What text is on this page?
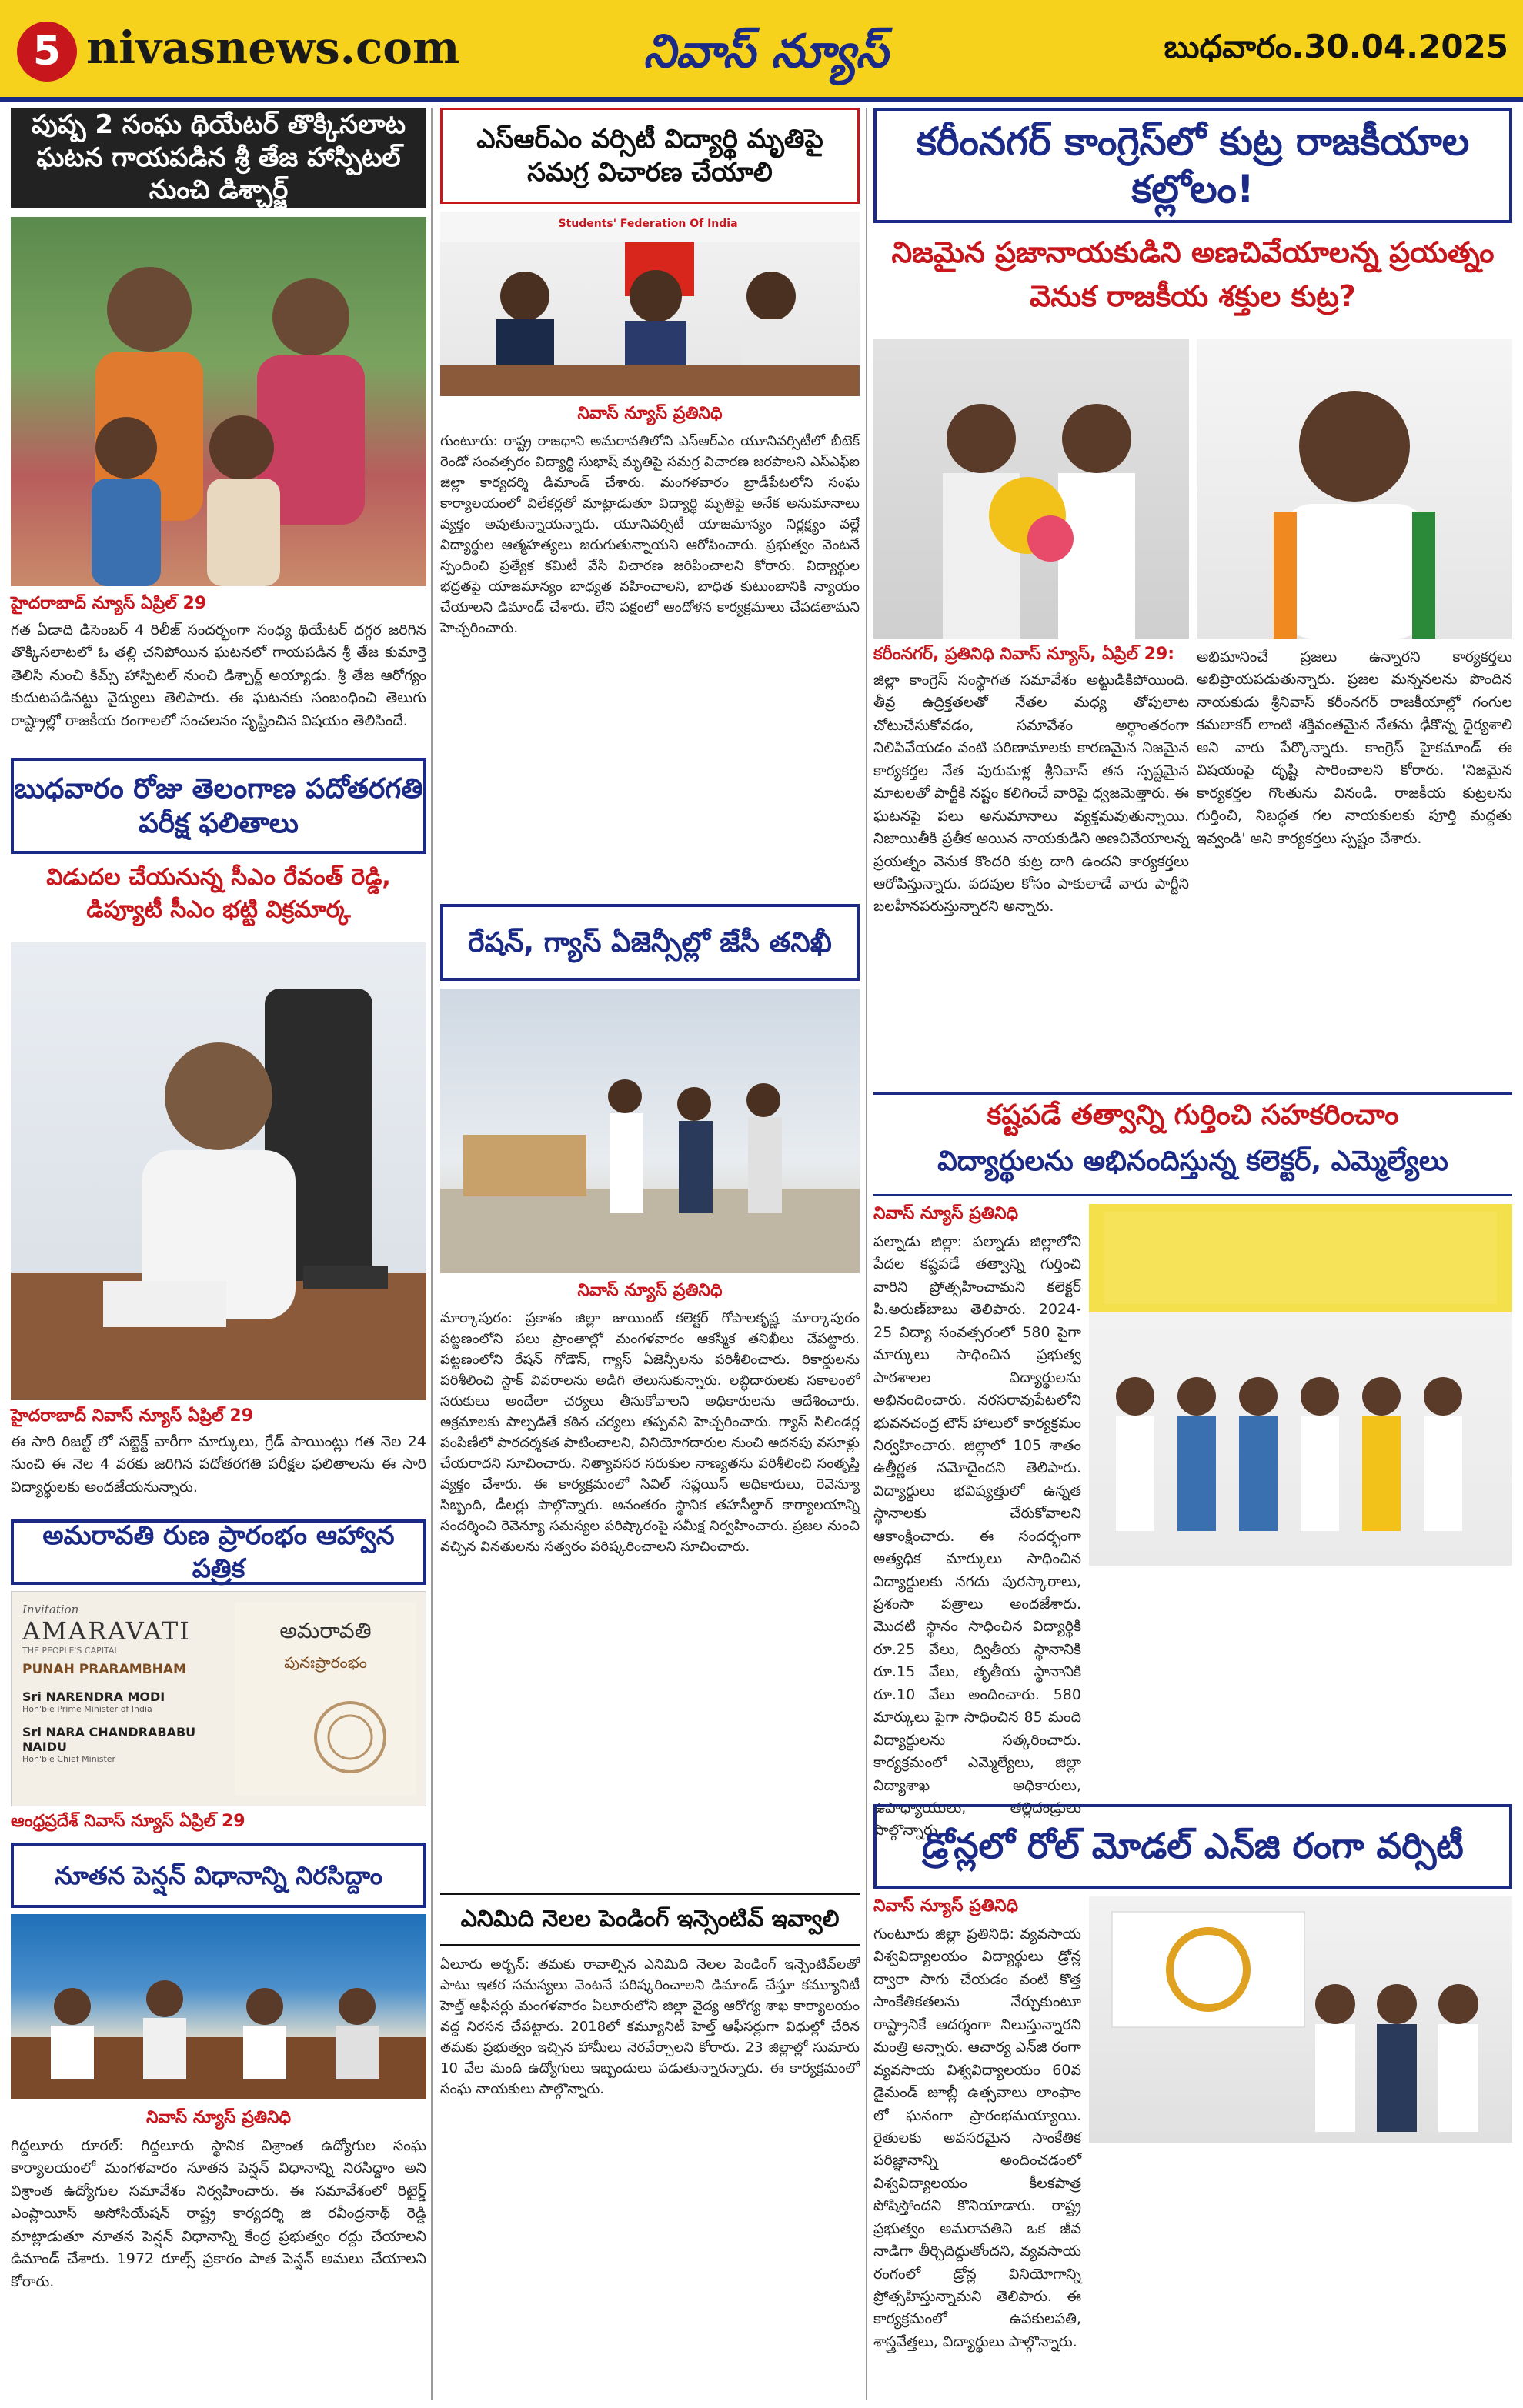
5 nivasnews.com	నివాస్ న్యూస్	బుధవారం.30.04.2025
పుష్ప 2 సంఘ థియేటర్ తొక్కిసలాట ఘటన గాయపడిన శ్రీ తేజ హాస్పిటల్ నుంచి డిశ్చార్జ్
హైదరాబాద్ న్యూస్ ఏప్రిల్ 29
గత ఏడాది డిసెంబర్ 4 రిలీజ్ సందర్భంగా సంధ్య థియేటర్ దగ్గర జరిగిన తొక్కిసలాటలో ఓ తల్లి చనిపోయిన ఘటనలో గాయపడిన శ్రీ తేజ కుమార్తె తెలిసి నుంచి కిమ్స్ హాస్పిటల్ నుంచి డిశ్చార్జ్ అయ్యాడు. శ్రీ తేజ ఆరోగ్యం కుదుటపడినట్టు వైద్యులు తెలిపారు. ఈ ఘటనకు సంబంధించి తెలుగు రాష్ట్రాల్లో రాజకీయ రంగాలలో సంచలనం సృష్టించిన విషయం తెలిసిందే.
బుధవారం రోజు తెలంగాణ పదోతరగతి పరీక్ష ఫలితాలు
విడుదల చేయనున్న సీఎం రేవంత్ రెడ్డి, డిప్యూటీ సీఎం భట్టి విక్రమార్క
హైదరాబాద్ నివాస్ న్యూస్ ఏప్రిల్ 29
ఈ సారి రిజల్ట్ లో సబ్జెక్ట్ వారీగా మార్కులు, గ్రేడ్ పాయింట్లు గత నెల 24 నుంచి ఈ నెల 4 వరకు జరిగిన పదోతరగతి పరీక్షల ఫలితాలను ఈ సారి విద్యార్థులకు అందజేయనున్నారు.
అమరావతి రుణ ప్రారంభం ఆహ్వాన పత్రిక
Invitation
AMARAVATI
THE PEOPLE'S CAPITAL
PUNAH PRARAMBHAM
Sri NARENDRA MODI
Hon'ble Prime Minister of India
Sri NARA CHANDRABABU NAIDU
Hon'ble Chief Minister
అమరావతి
పునఃప్రారంభం
ఆంధ్రప్రదేశ్ నివాస్ న్యూస్ ఏప్రిల్ 29
నూతన పెన్షన్ విధానాన్ని నిరసిద్దాం
నివాస్ న్యూస్ ప్రతినిధి
గిద్దలూరు రూరల్: గిద్దలూరు స్థానిక విశ్రాంత ఉద్యోగుల సంఘ కార్యాలయంలో మంగళవారం నూతన పెన్షన్ విధానాన్ని నిరసిద్దాం అని విశ్రాంత ఉద్యోగుల సమావేశం నిర్వహించారు. ఈ సమావేశంలో రిటైర్డ్ ఎంప్లాయీస్ అసోసియేషన్ రాష్ట్ర కార్యదర్శి జి రవీంద్రనాథ్ రెడ్డి మాట్లాడుతూ నూతన పెన్షన్ విధానాన్ని కేంద్ర ప్రభుత్వం రద్దు చేయాలని డిమాండ్ చేశారు. 1972 రూల్స్ ప్రకారం పాత పెన్షన్ అమలు చేయాలని కోరారు.
ఎస్ఆర్ఎం వర్సిటీ విద్యార్థి మృతిపై సమగ్ర విచారణ చేయాలి
Students' Federation Of India
నివాస్ న్యూస్ ప్రతినిధి
గుంటూరు: రాష్ట్ర రాజధాని అమరావతిలోని ఎస్ఆర్ఎం యూనివర్సిటీలో బీటెక్ రెండో సంవత్సరం విద్యార్థి సుభాష్ మృతిపై సమగ్ర విచారణ జరపాలని ఎస్ఎఫ్ఐ జిల్లా కార్యదర్శి డిమాండ్ చేశారు. మంగళవారం బ్రాడీపేటలోని సంఘ కార్యాలయంలో విలేకర్లతో మాట్లాడుతూ విద్యార్థి మృతిపై అనేక అనుమానాలు వ్యక్తం అవుతున్నాయన్నారు. యూనివర్సిటీ యాజమాన్యం నిర్లక్ష్యం వల్లే విద్యార్థుల ఆత్మహత్యలు జరుగుతున్నాయని ఆరోపించారు. ప్రభుత్వం వెంటనే స్పందించి ప్రత్యేక కమిటీ వేసి విచారణ జరిపించాలని కోరారు. విద్యార్థుల భద్రతపై యాజమాన్యం బాధ్యత వహించాలని, బాధిత కుటుంబానికి న్యాయం చేయాలని డిమాండ్ చేశారు. లేని పక్షంలో ఆందోళన కార్యక్రమాలు చేపడతామని హెచ్చరించారు.
రేషన్, గ్యాస్ ఏజెన్సీల్లో జేసీ తనిఖీ
నివాస్ న్యూస్ ప్రతినిధి
మార్కాపురం: ప్రకాశం జిల్లా జాయింట్ కలెక్టర్ గోపాలకృష్ణ మార్కాపురం పట్టణంలోని పలు ప్రాంతాల్లో మంగళవారం ఆకస్మిక తనిఖీలు చేపట్టారు. పట్టణంలోని రేషన్ గోడౌన్, గ్యాస్ ఏజెన్సీలను పరిశీలించారు. రికార్డులను పరిశీలించి స్టాక్ వివరాలను అడిగి తెలుసుకున్నారు. లబ్ధిదారులకు సకాలంలో సరుకులు అందేలా చర్యలు తీసుకోవాలని అధికారులను ఆదేశించారు. అక్రమాలకు పాల్పడితే కఠిన చర్యలు తప్పవని హెచ్చరించారు. గ్యాస్ సిలిండర్ల పంపిణీలో పారదర్శకత పాటించాలని, వినియోగదారుల నుంచి అదనపు వసూళ్లు చేయరాదని సూచించారు. నిత్యావసర సరుకుల నాణ్యతను పరిశీలించి సంతృప్తి వ్యక్తం చేశారు. ఈ కార్యక్రమంలో సివిల్ సప్లయిస్ అధికారులు, రెవెన్యూ సిబ్బంది, డీలర్లు పాల్గొన్నారు. అనంతరం స్థానిక తహసీల్దార్ కార్యాలయాన్ని సందర్శించి రెవెన్యూ సమస్యల పరిష్కారంపై సమీక్ష నిర్వహించారు. ప్రజల నుంచి వచ్చిన వినతులను సత్వరం పరిష్కరించాలని సూచించారు.
ఎనిమిది నెలల పెండింగ్ ఇన్సెంటివ్ ఇవ్వాలి
ఏలూరు అర్బన్: తమకు రావాల్సిన ఎనిమిది నెలల పెండింగ్ ఇన్సెంటివ్‌లతో పాటు ఇతర సమస్యలు వెంటనే పరిష్కరించాలని డిమాండ్ చేస్తూ కమ్యూనిటీ హెల్త్ ఆఫీసర్లు మంగళవారం ఏలూరులోని జిల్లా వైద్య ఆరోగ్య శాఖ కార్యాలయం వద్ద నిరసన చేపట్టారు. 2018లో కమ్యూనిటీ హెల్త్ ఆఫీసర్లుగా విధుల్లో చేరిన తమకు ప్రభుత్వం ఇచ్చిన హామీలు నెరవేర్చాలని కోరారు. 23 జిల్లాల్లో సుమారు 10 వేల మంది ఉద్యోగులు ఇబ్బందులు పడుతున్నారన్నారు. ఈ కార్యక్రమంలో సంఘ నాయకులు పాల్గొన్నారు.
కరీంనగర్ కాంగ్రెస్‌లో కుట్ర రాజకీయాల కల్లోలం!
నిజమైన ప్రజానాయకుడిని అణచివేయాలన్న ప్రయత్నం వెనుక రాజకీయ శక్తుల కుట్ర?
కరీంనగర్, ప్రతినిధి నివాస్ న్యూస్, ఏప్రిల్ 29:
జిల్లా కాంగ్రెస్ సంస్థాగత సమావేశం అట్టుడికిపోయింది. తీవ్ర ఉద్రిక్తతలతో నేతల మధ్య తోపులాట చోటుచేసుకోవడం, సమావేశం అర్ధాంతరంగా నిలిపివేయడం వంటి పరిణామాలకు కారణమైన నిజమైన కార్యకర్తల నేత పురుమళ్ల శ్రీనివాస్ తన స్పష్టమైన మాటలతో పార్టీకి నష్టం కలిగించే వారిపై ధ్వజమెత్తారు. ఈ ఘటనపై పలు అనుమానాలు వ్యక్తమవుతున్నాయి. నిజాయితీకి ప్రతీక అయిన నాయకుడిని అణచివేయాలన్న ప్రయత్నం వెనుక కొందరి కుట్ర దాగి ఉందని కార్యకర్తలు ఆరోపిస్తున్నారు. పదవుల కోసం పాకులాడే వారు పార్టీని బలహీనపరుస్తున్నారని అన్నారు.
అభిమానించే ప్రజలు ఉన్నారని కార్యకర్తలు అభిప్రాయపడుతున్నారు. ప్రజల మన్ననలను పొందిన నాయకుడు శ్రీనివాస్ కరీంనగర్ రాజకీయాల్లో గంగుల కమలాకర్ లాంటి శక్తివంతమైన నేతను ఢీకొన్న ధైర్యశాలి అని వారు పేర్కొన్నారు. కాంగ్రెస్ హైకమాండ్ ఈ విషయంపై దృష్టి సారించాలని కోరారు. 'నిజమైన కార్యకర్తల గొంతును వినండి. రాజకీయ కుట్రలను గుర్తించి, నిబద్ధత గల నాయకులకు పూర్తి మద్దతు ఇవ్వండి' అని కార్యకర్తలు స్పష్టం చేశారు.
కష్టపడే తత్వాన్ని గుర్తించి సహకరించాం
విద్యార్థులను అభినందిస్తున్న కలెక్టర్, ఎమ్మెల్యేలు
నివాస్ న్యూస్ ప్రతినిధి
పల్నాడు జిల్లా: పల్నాడు జిల్లాలోని పేదల కష్టపడే తత్వాన్ని గుర్తించి వారిని ప్రోత్సహించామని కలెక్టర్ పి.అరుణ్‌బాబు తెలిపారు. 2024-25 విద్యా సంవత్సరంలో 580 పైగా మార్కులు సాధించిన ప్రభుత్వ పాఠశాలల విద్యార్థులను అభినందించారు. నరసరావుపేటలోని భువనచంద్ర టౌన్ హాలులో కార్యక్రమం నిర్వహించారు. జిల్లాలో 105 శాతం ఉత్తీర్ణత నమోదైందని తెలిపారు. విద్యార్థులు భవిష్యత్తులో ఉన్నత స్థానాలకు చేరుకోవాలని ఆకాంక్షించారు. ఈ సందర్భంగా అత్యధిక మార్కులు సాధించిన విద్యార్థులకు నగదు పురస్కారాలు, ప్రశంసా పత్రాలు అందజేశారు. మొదటి స్థానం సాధించిన విద్యార్థికి రూ.25 వేలు, ద్వితీయ స్థానానికి రూ.15 వేలు, తృతీయ స్థానానికి రూ.10 వేలు అందించారు. 580 మార్కులు పైగా సాధించిన 85 మంది విద్యార్థులను సత్కరించారు. కార్యక్రమంలో ఎమ్మెల్యేలు, జిల్లా విద్యాశాఖ అధికారులు, ఉపాధ్యాయులు, తల్లిదండ్రులు పాల్గొన్నారు.
డ్రోన్లలో రోల్ మోడల్ ఎన్‌జి రంగా వర్సిటీ
నివాస్ న్యూస్ ప్రతినిధి
గుంటూరు జిల్లా ప్రతినిధి: వ్యవసాయ విశ్వవిద్యాలయం విద్యార్థులు డ్రోన్ల ద్వారా సాగు చేయడం వంటి కొత్త సాంకేతికతలను నేర్చుకుంటూ రాష్ట్రానికే ఆదర్శంగా నిలుస్తున్నారని మంత్రి అన్నారు. ఆచార్య ఎన్‌జి రంగా వ్యవసాయ విశ్వవిద్యాలయం 60వ డైమండ్ జూబ్లీ ఉత్సవాలు లాంఫాం లో ఘనంగా ప్రారంభమయ్యాయి. రైతులకు అవసరమైన సాంకేతిక పరిజ్ఞానాన్ని అందించడంలో విశ్వవిద్యాలయం కీలకపాత్ర పోషిస్తోందని కొనియాడారు. రాష్ట్ర ప్రభుత్వం అమరావతిని ఒక జీవ నాడిగా తీర్చిదిద్దుతోందని, వ్యవసాయ రంగంలో డ్రోన్ల వినియోగాన్ని ప్రోత్సహిస్తున్నామని తెలిపారు. ఈ కార్యక్రమంలో ఉపకులపతి, శాస్త్రవేత్తలు, విద్యార్థులు పాల్గొన్నారు.
